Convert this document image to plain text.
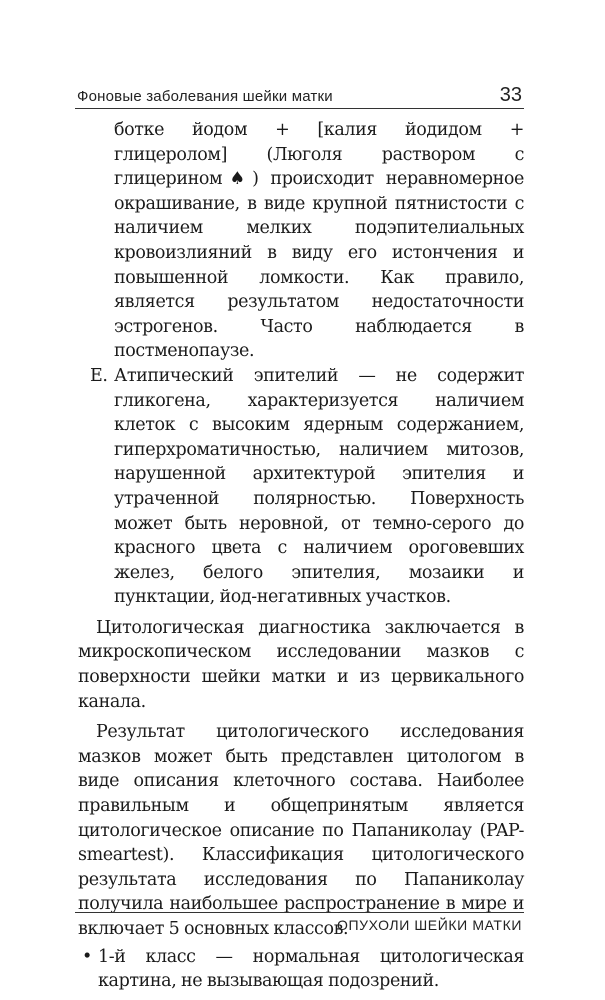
Фоновые заболевания шейки матки	33

ботке йодом + [калия йодидом + глицеролом] (Люголя раствором с глицерином♠) происходит неравномерное окрашивание, в виде крупной пятнистости с наличием мелких подэпителиальных кровоизлияний в виду его истончения и повышенной ломкости. Как правило, является результатом недостаточности эстрогенов. Часто наблюдается в постменопаузе.

Е. Атипический эпителий — не содержит гликогена, характеризуется наличием клеток с высоким ядерным содержанием, гиперхроматичностью, наличием митозов, нарушенной архитектурой эпителия и утраченной полярностью. Поверхность может быть неровной, от темно-серого до красного цвета с наличием ороговевших желез, белого эпителия, мозаики и пунктации, йод-негативных участков.

Цитологическая диагностика заключается в микроскопическом исследовании мазков с поверхности шейки матки и из цервикального канала.

Результат цитологического исследования мазков может быть представлен цитологом в виде описания клеточного состава. Наиболее правильным и общепринятым является цитологическое описание по Папаниколау (PAP-smeartest). Классификация цитологического результата исследования по Папаниколау получила наибольшее распространение в мире и включает 5 основных классов.

• 1-й класс — нормальная цитологическая картина, не вызывающая подозрений.

ОПУХОЛИ ШЕЙКИ МАТКИ
